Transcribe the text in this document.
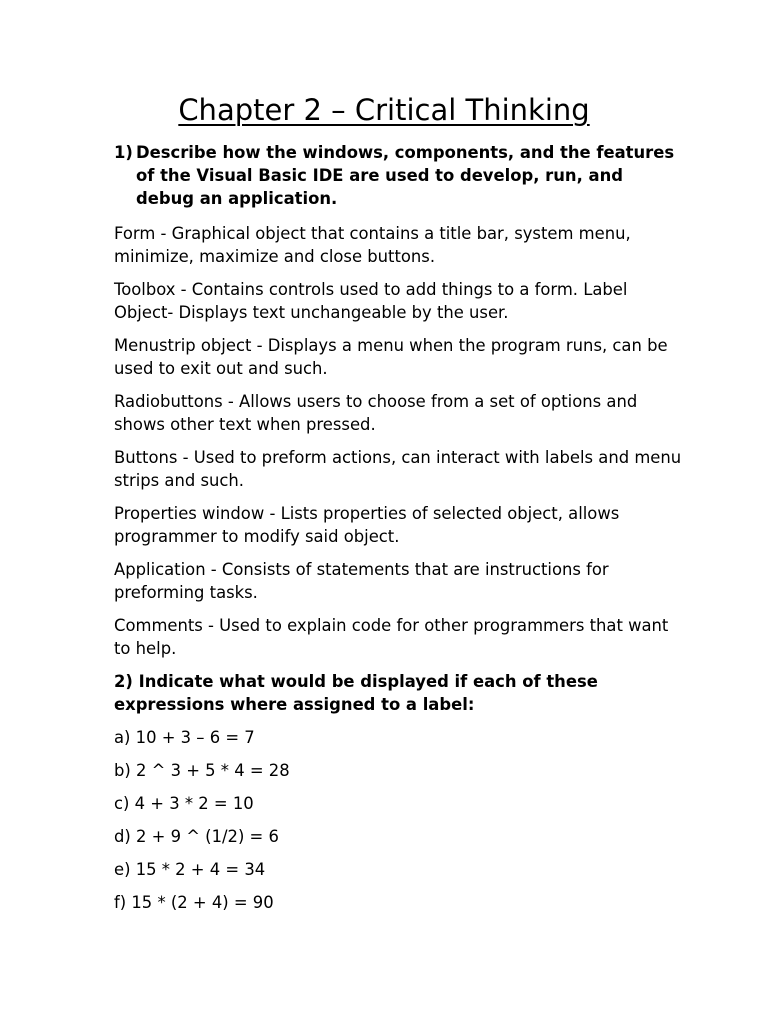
Chapter 2 – Critical Thinking
1) Describe how the windows, components, and the features of the Visual Basic IDE are used to develop, run, and debug an application.

Form - Graphical object that contains a title bar, system menu, minimize, maximize and close buttons.

Toolbox - Contains controls used to add things to a form. Label Object- Displays text unchangeable by the user.

Menustrip object - Displays a menu when the program runs, can be used to exit out and such.

Radiobuttons - Allows users to choose from a set of options and shows other text when pressed.

Buttons - Used to preform actions, can interact with labels and menu strips and such.

Properties window - Lists properties of selected object, allows programmer to modify said object.

Application - Consists of statements that are instructions for preforming tasks.

Comments - Used to explain code for other programmers that want to help.

2) Indicate what would be displayed if each of these expressions where assigned to a label:

a) 10 + 3 – 6 = 7

b) 2 ^ 3 + 5 * 4 = 28

c) 4 + 3 * 2 = 10

d) 2 + 9 ^ (1/2) = 6

e) 15 * 2 + 4 = 34

f) 15 * (2 + 4) = 90
